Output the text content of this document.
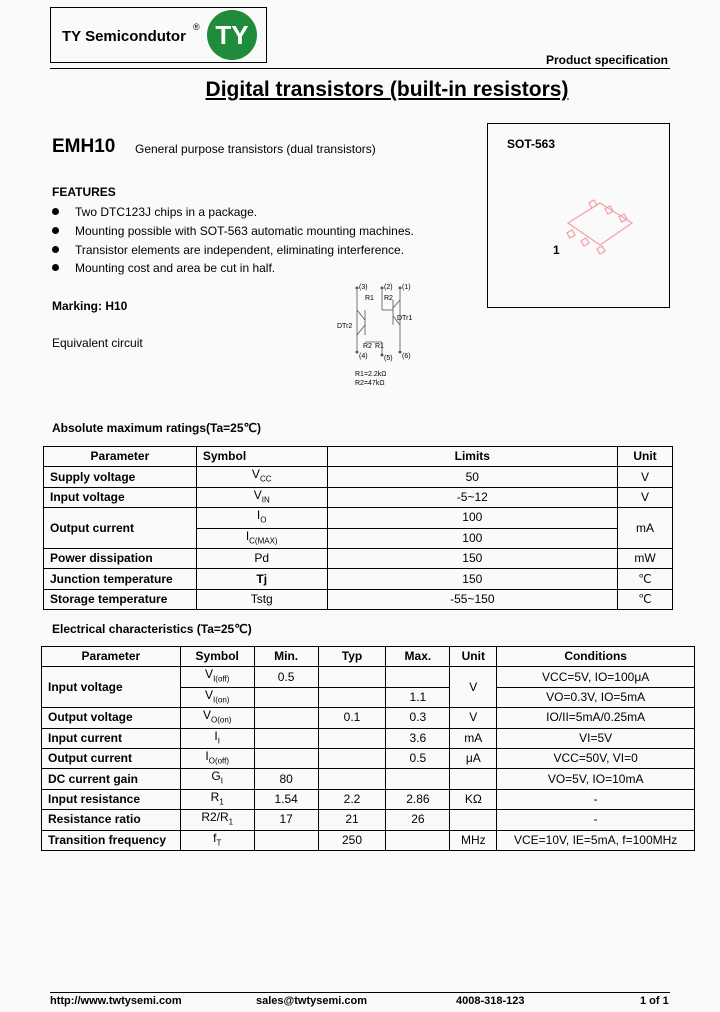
TY Semicondutor
® TY
Product specification
Digital transistors (built-in resistors)
EMH10 General purpose transistors (dual transistors)	SOT-563
1
FEATURES
Two DTC123J chips in a package.
Mounting possible with SOT-563 automatic mounting machines.
Transistor elements are independent, eliminating interference.
Mounting cost and area be cut in half.
Marking: H10
Equivalent circuit
(3) (2) (1)
(4) (5) (6)
R1 R2
DTr1
DTr2
R2 R1
R1=2.2kΩ
R2=47kΩ
Absolute maximum ratings(Ta=25℃)
Parameter	Symbol	Limits	Unit
Supply voltage	$V_{CC}$	50	V
Input voltage	$V_{IN}$	-5~12	V
Output current	$I_O$	100	mA
	$I_{C(MAX)}$	100	
Power dissipation	Pd	150	mW
Junction temperature	Tj	150	℃
Storage temperature	Tstg	-55~150	℃
Electrical characteristics (Ta=25℃)
Parameter	Symbol	Min.	Typ	Max.	Unit	Conditions
Input voltage	$V_{I(off)}$	0.5			V	VCC=5V, IO=100μA
	$V_{I(on)}$			1.1		VO=0.3V, IO=5mA
Output voltage	$V_{O(on)}$		0.1	0.3	V	IO/II=5mA/0.25mA
Input current	$I_I$			3.6	mA	VI=5V
Output current	$I_{O(off)}$			0.5	μA	VCC=50V, VI=0
DC current gain	$G_I$	80				VO=5V, IO=10mA
Input resistance	$R_1$	1.54	2.2	2.86	KΩ	-
Resistance ratio	$R2/R_1$	17	21	26		-
Transition frequency	$f_T$		250		MHz	VCE=10V, IE=5mA, f=100MHz
http://www.twtysemi.com	sales@twtysemi.com	4008-318-123	1 of 1
